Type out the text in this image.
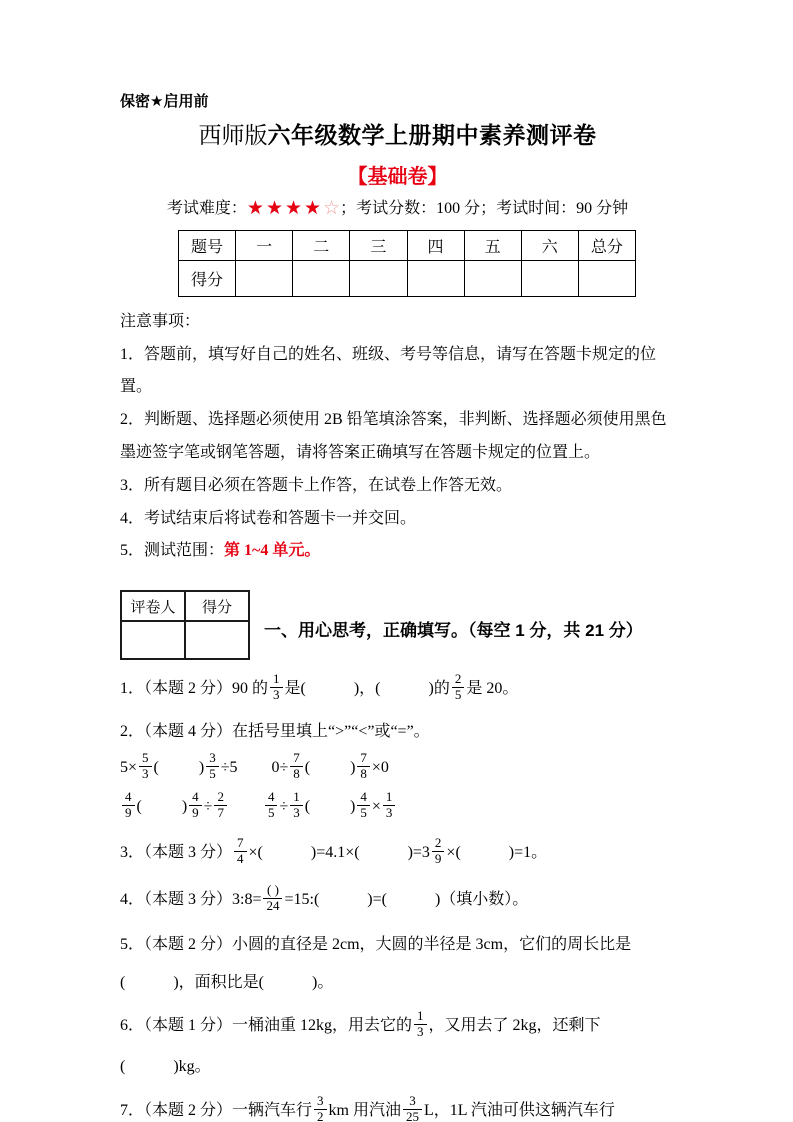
保密★启用前
西师版六年级数学上册期中素养测评卷
【基础卷】
考试难度：★★★★☆；考试分数：100 分；考试时间：90 分钟
题号	一	二	三	四	五	六	总分
得分							
注意事项：
1．答题前，填写好自己的姓名、班级、考号等信息，请写在答题卡规定的位置。
2．判断题、选择题必须使用 2B 铅笔填涂答案，非判断、选择题必须使用黑色墨迹签字笔或钢笔答题，请将答案正确填写在答题卡规定的位置上。
3．所有题目必须在答题卡上作答，在试卷上作答无效。
4．考试结束后将试卷和答题卡一并交回。
5．测试范围：第 1~4 单元。
评卷人	得分

一、用心思考，正确填写。（每空 1 分，共 21 分）
1．（本题 2 分）90 的 $\frac{1}{3}$ 是(            )，(            )的 $\frac{2}{5}$ 是 20。
2．（本题 4 分）在括号里填上“>”“<”或“=”。
$5\times \frac{5}{3}$ (          ) $\frac{3}{5} \div 5$ $0\div \frac{7}{8}$ (          ) $\frac{7}{8} \times 0$
$\frac{4}{9}$ (          ) $\frac{4}{9} \div \frac{2}{7}$	$\frac{4}{5} \div \frac{1}{3}$ (          ) $\frac{4}{5} \times \frac{1}{3}$
3．（本题 3 分） $\frac{7}{4}$ ×(            )=4.1×(            )$=3 \frac{2}{9}$ ×(            )=1。
4．（本题 3 分）3:8= $\frac{( )}{24}$ =15:(            )=(            )（填小数）。
5．（本题 2 分）小圆的直径是 2cm，大圆的半径是 3cm，它们的周长比是
(            )，面积比是(            )。
6．（本题 1 分）一桶油重 12kg，用去它的 $\frac{1}{3}$ ，又用去了 2kg，还剩下
(            )kg。
7．（本题 2 分）一辆汽车行 $\frac{3}{2}$ km 用汽油 $\frac{3}{25}$ L，1L 汽油可供这辆汽车行
